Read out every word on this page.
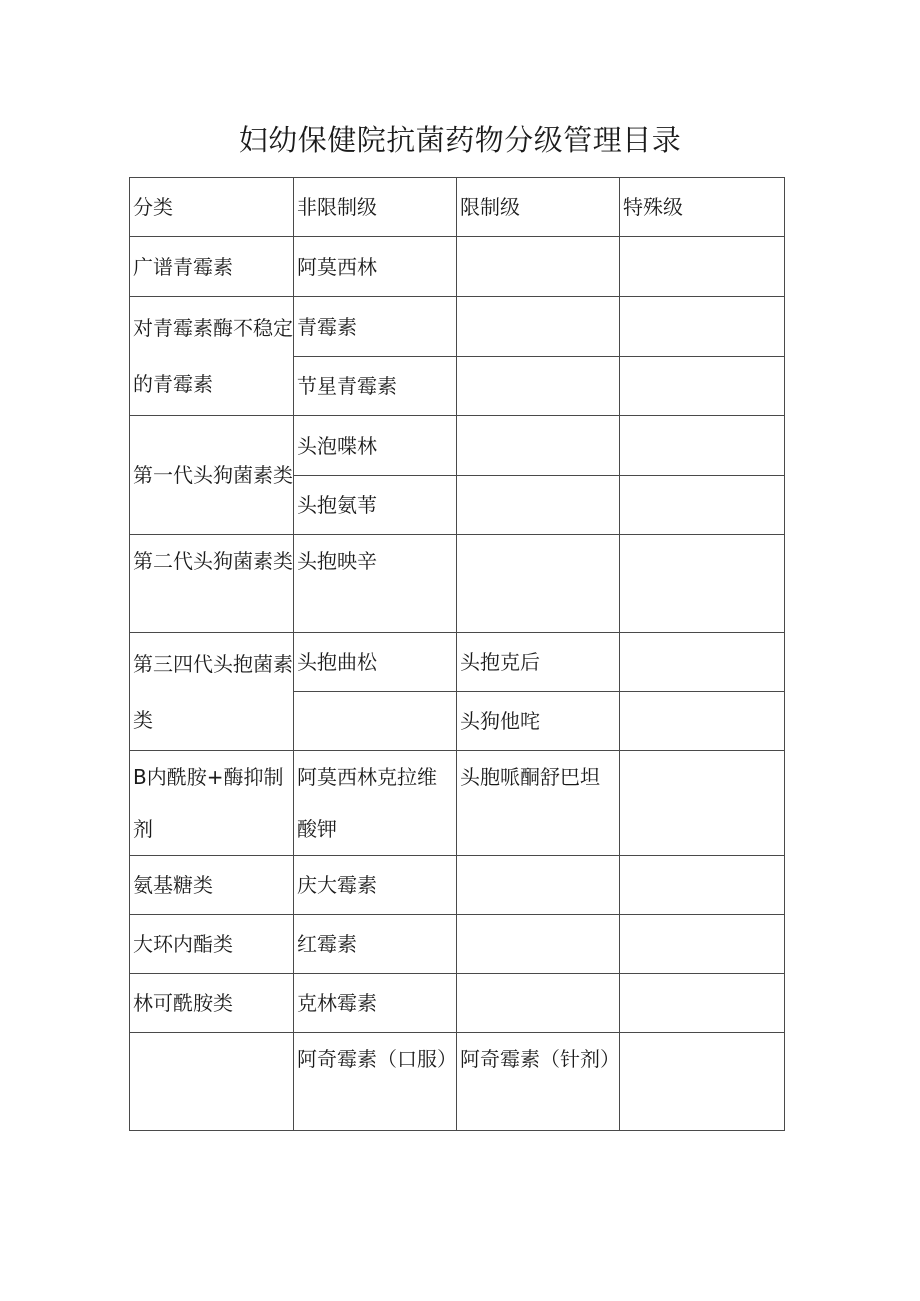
妇幼保健院抗菌药物分级管理目录
分类	非限制级	限制级	特殊级
广谱青霉素	阿莫西林		

对青霉素酶不稳定的青霉素	青霉素		
	节星青霉素		

第一代头狗菌素类	头泡喋林		
	头抱氨苇		

第二代头狗菌素类	头抱映辛		

第三四代头抱菌素类	头抱曲松	头抱克后	
		头狗他咤	

B内酰胺+酶抑制剂	阿莫西林克拉维酸钾	头胞哌酮舒巴坦	

氨基糖类	庆大霉素		
大环内酯类	红霉素		
林可酰胺类	克林霉素		

	阿奇霉素（口服）	阿奇霉素（针剂）	
